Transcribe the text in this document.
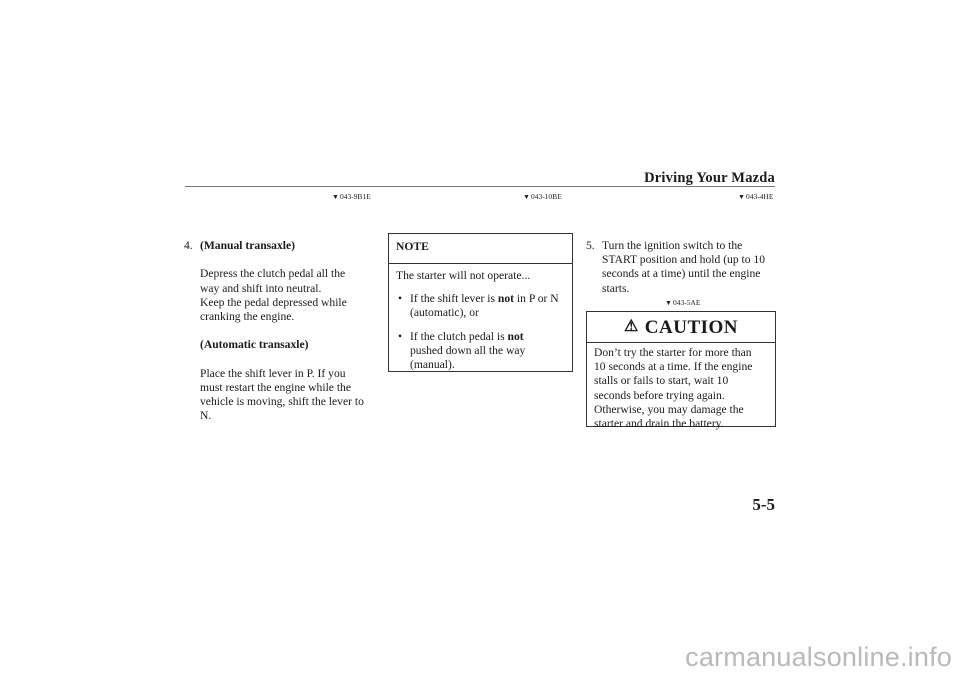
Driving Your Mazda
▼043-9B1E	▼043-10BE	▼043-4HE
4. (Manual transaxle)

Depress the clutch pedal all the

way and shift into neutral.

Keep the pedal depressed while

cranking the engine.

(Automatic transaxle)

Place the shift lever in P. If you

must restart the engine while the

vehicle is moving, shift the lever to

N.

NOTE

The starter will not operate...

• If the shift lever is not in P or N
(automatic), or

• If the clutch pedal is not
pushed down all the way
(manual).

5. Turn the ignition switch to the
START position and hold (up to 10
seconds at a time) until the engine
starts.
▼043-5AE
⚠ CAUTION
Don’t try the starter for more than
10 seconds at a time. If the engine
stalls or fails to start, wait 10
seconds before trying again.
Otherwise, you may damage the
starter and drain the battery.
5-5
carmanualsonline.info
